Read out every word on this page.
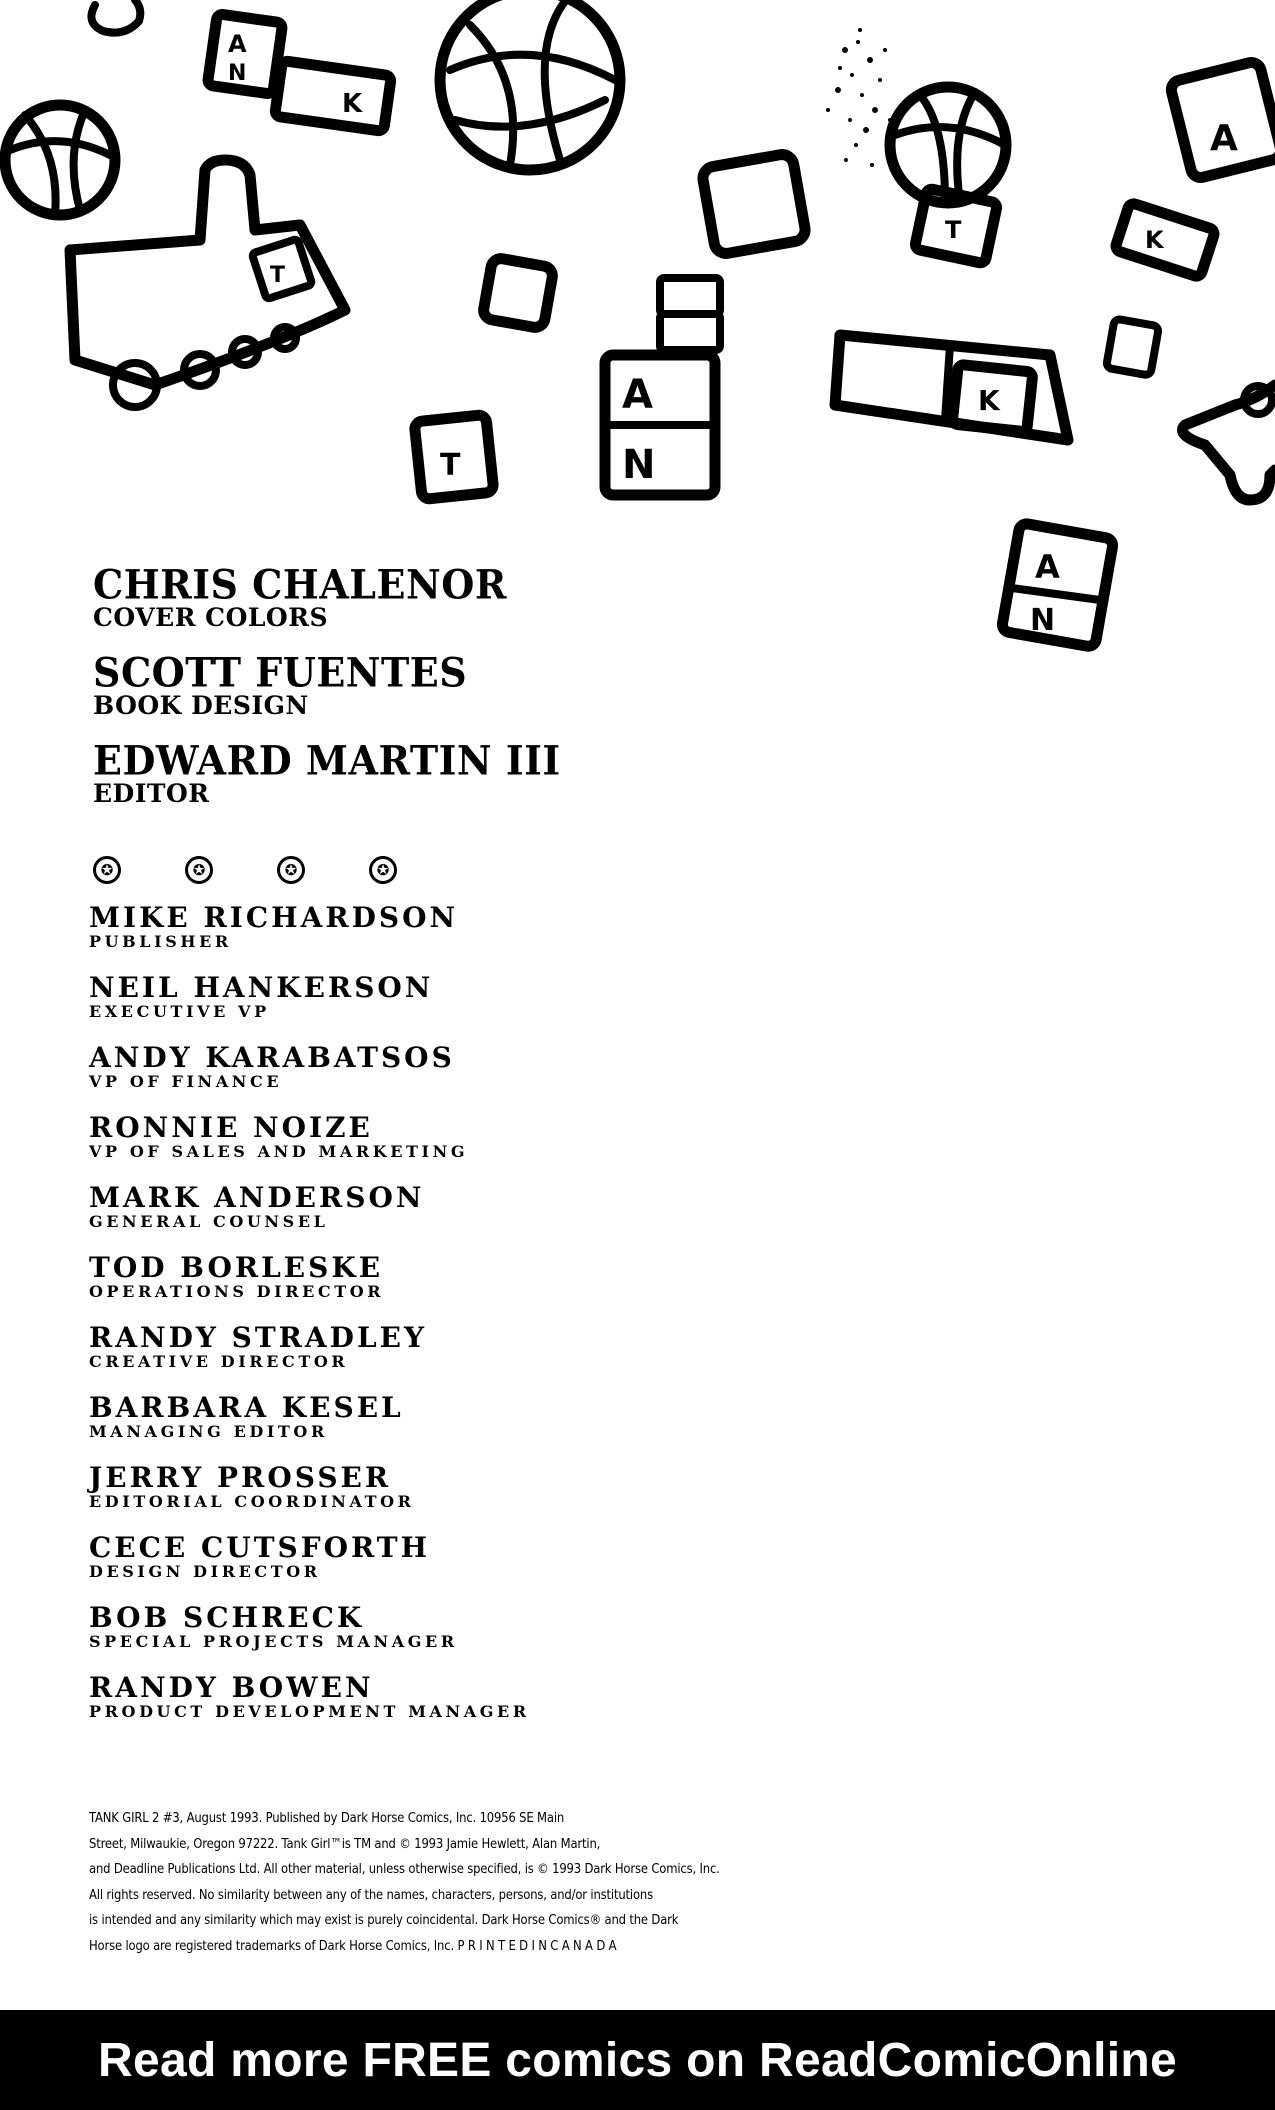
A
N
K
T
A
N
T
T
K
K
A
A
N
CHRIS CHALENOR
COVER COLORS
SCOTT FUENTES
BOOK DESIGN
EDWARD MARTIN III
EDITOR
✪	✪	✪	✪
MIKE RICHARDSON
PUBLISHER
NEIL HANKERSON
EXECUTIVE VP
ANDY KARABATSOS
VP OF FINANCE
RONNIE NOIZE
VP OF SALES AND MARKETING
MARK ANDERSON
GENERAL COUNSEL
TOD BORLESKE
OPERATIONS DIRECTOR
RANDY STRADLEY
CREATIVE DIRECTOR
BARBARA KESEL
MANAGING EDITOR
JERRY PROSSER
EDITORIAL COORDINATOR
CECE CUTSFORTH
DESIGN DIRECTOR
BOB SCHRECK
SPECIAL PROJECTS MANAGER
RANDY BOWEN
PRODUCT DEVELOPMENT MANAGER
TANK GIRL 2 #3, August 1993. Published by Dark Horse Comics, Inc. 10956 SE Main
Street, Milwaukie, Oregon 97222. Tank Girl™is TM and © 1993 Jamie Hewlett, Alan Martin,
and Deadline Publications Ltd. All other material, unless otherwise specified, is © 1993 Dark Horse Comics, Inc.
All rights reserved. No similarity between any of the names, characters, persons, and/or institutions
is intended and any similarity which may exist is purely coincidental. Dark Horse Comics® and the Dark
Horse logo are registered trademarks of Dark Horse Comics, Inc. P R I N T E D I N C A N A D A
Read more FREE comics on ReadComicOnline
